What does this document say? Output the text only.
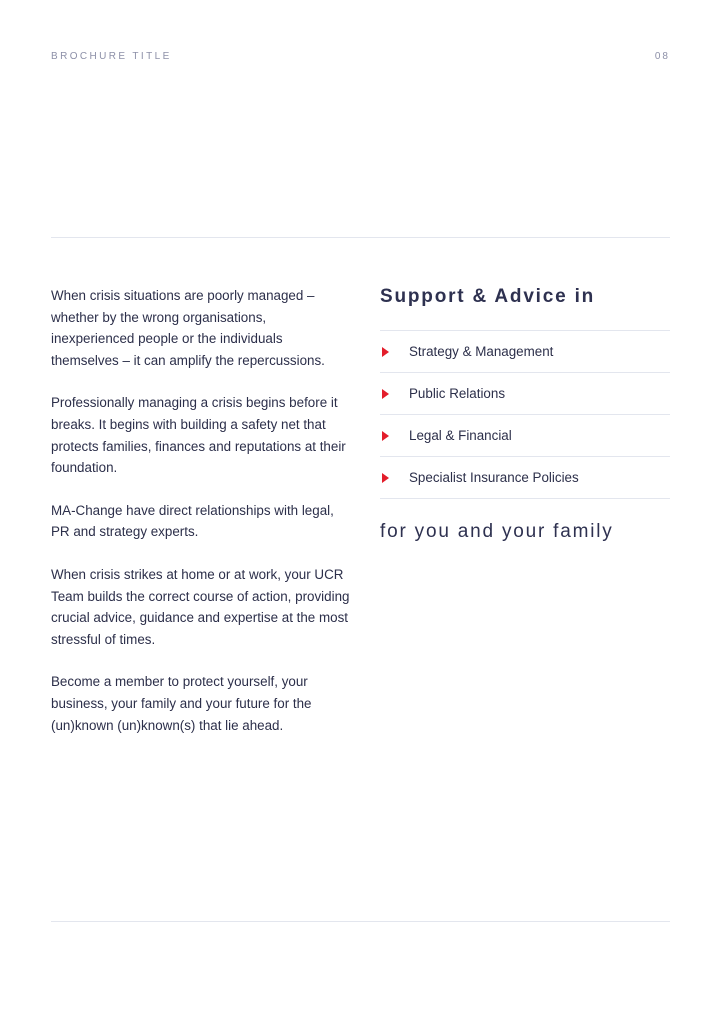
BROCHURE TITLE	08

When crisis situations are poorly managed – whether by the wrong organisations, inexperienced people or the individuals themselves – it can amplify the repercussions.

Professionally managing a crisis begins before it breaks. It begins with building a safety net that protects families, finances and reputations at their foundation.

MA-Change have direct relationships with legal, PR and strategy experts.

When crisis strikes at home or at work, your UCR Team builds the correct course of action, providing crucial advice, guidance and expertise at the most stressful of times.

Become a member to protect yourself, your business, your family and your future for the (un)known (un)known(s) that lie ahead.

Support & Advice in
Strategy & Management
Public Relations
Legal & Financial
Specialist Insurance Policies
for you and your family
